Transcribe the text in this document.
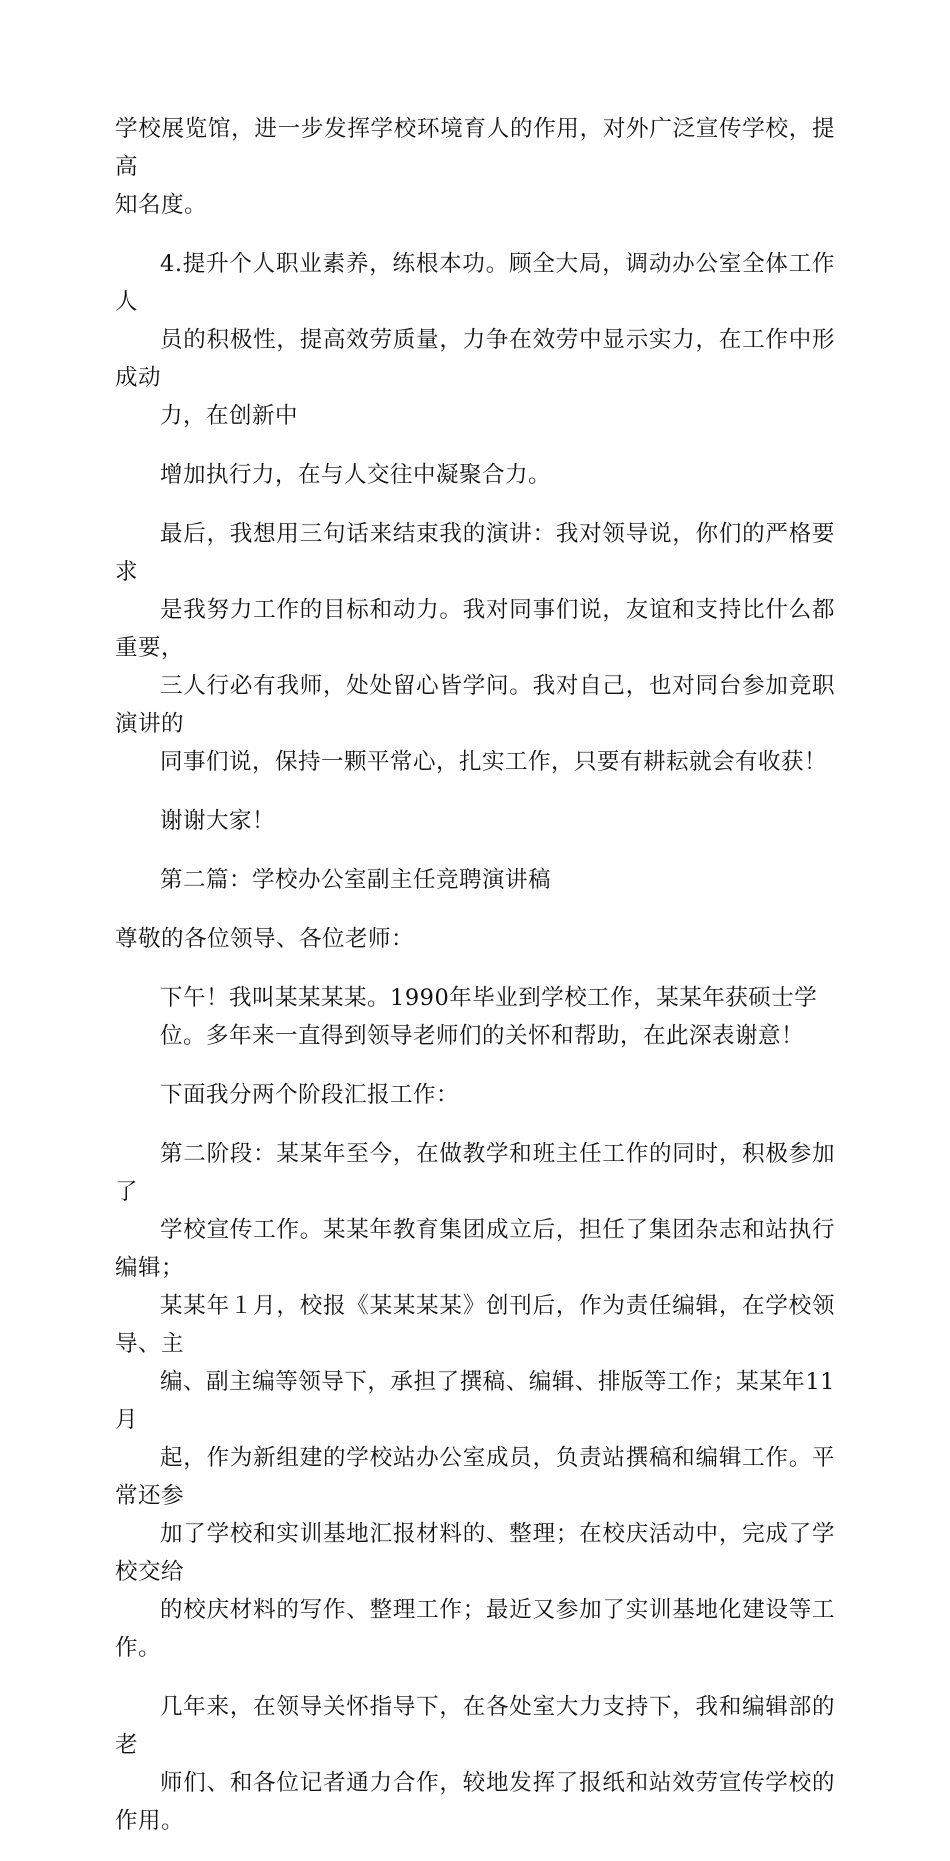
学校展览馆，进一步发挥学校环境育人的作用，对外广泛宣传学校，提高
知名度。

4.提升个人职业素养，练根本功。顾全大局，调动办公室全体工作人
员的积极性，提高效劳质量，力争在效劳中显示实力，在工作中形成动
力，在创新中

增加执行力，在与人交往中凝聚合力。

最后，我想用三句话来结束我的演讲：我对领导说，你们的严格要求
是我努力工作的目标和动力。我对同事们说，友谊和支持比什么都重要，
三人行必有我师，处处留心皆学问。我对自己，也对同台参加竞职演讲的
同事们说，保持一颗平常心，扎实工作，只要有耕耘就会有收获！

谢谢大家！

第二篇：学校办公室副主任竞聘演讲稿

尊敬的各位领导、各位老师：

下午！我叫某某某某。1990年毕业到学校工作，某某年获硕士学
位。多年来一直得到领导老师们的关怀和帮助，在此深表谢意！

下面我分两个阶段汇报工作：

第二阶段：某某年至今，在做教学和班主任工作的同时，积极参加了
学校宣传工作。某某年教育集团成立后，担任了集团杂志和站执行编辑；
某某年１月，校报《某某某某》创刊后，作为责任编辑，在学校领导、主
编、副主编等领导下，承担了撰稿、编辑、排版等工作；某某年11月
起，作为新组建的学校站办公室成员，负责站撰稿和编辑工作。平常还参
加了学校和实训基地汇报材料的、整理；在校庆活动中，完成了学校交给
的校庆材料的写作、整理工作；最近又参加了实训基地化建设等工作。

几年来，在领导关怀指导下，在各处室大力支持下，我和编辑部的老
师们、和各位记者通力合作，较地发挥了报纸和站效劳宣传学校的作用。
